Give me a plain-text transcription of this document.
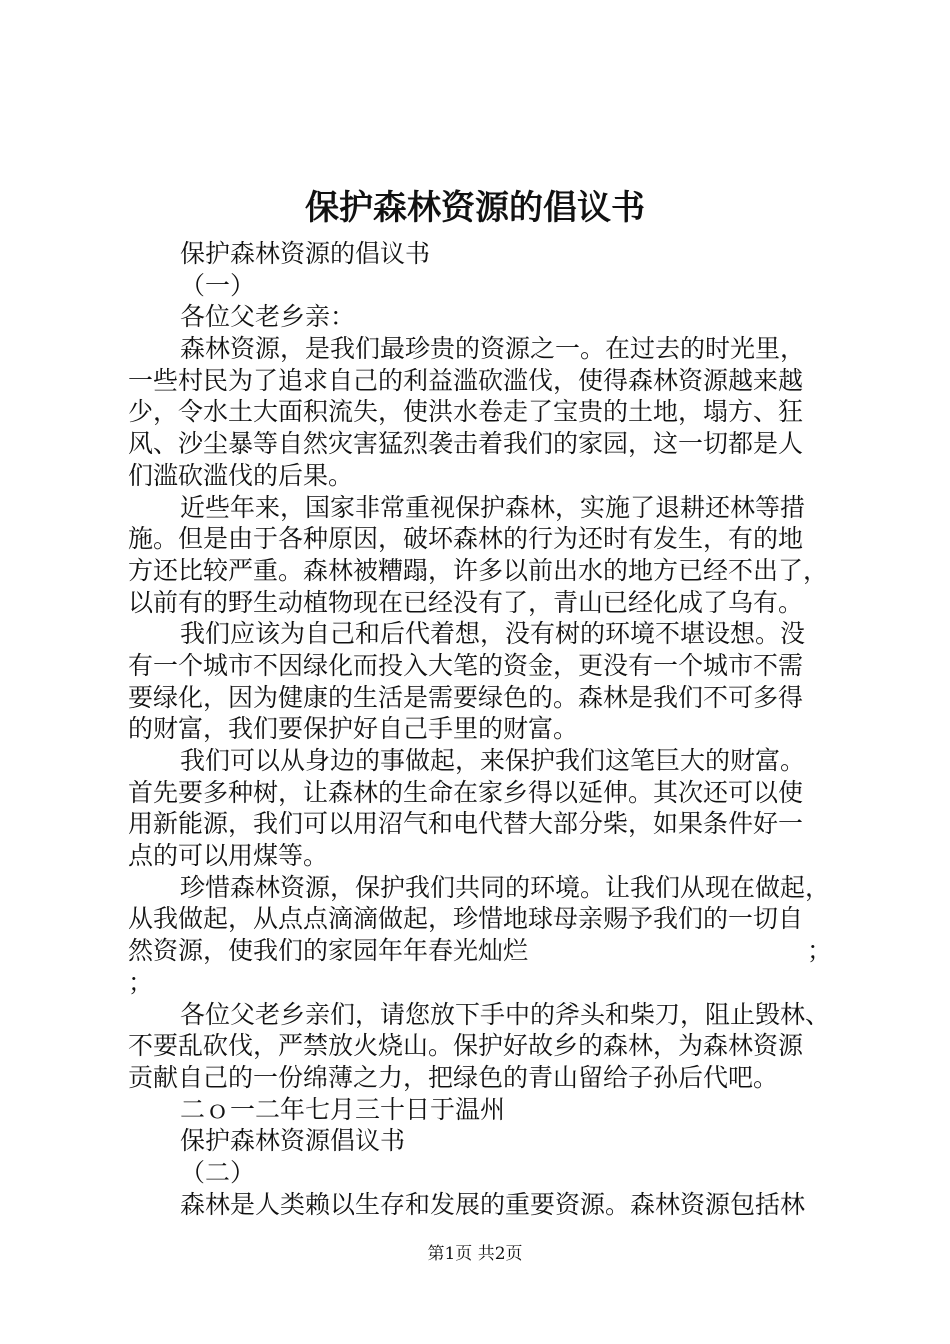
保护森林资源的倡议书
保护森林资源的倡议书
（一）
各位父老乡亲：
森林资源，是我们最珍贵的资源之一。在过去的时光里，
一些村民为了追求自己的利益滥砍滥伐，使得森林资源越来越
少，令水土大面积流失，使洪水卷走了宝贵的土地，塌方、狂
风、沙尘暴等自然灾害猛烈袭击着我们的家园，这一切都是人
们滥砍滥伐的后果。
近些年来，国家非常重视保护森林，实施了退耕还林等措
施。但是由于各种原因，破坏森林的行为还时有发生，有的地
方还比较严重。森林被糟蹋，许多以前出水的地方已经不出了，
以前有的野生动植物现在已经没有了，青山已经化成了乌有。
我们应该为自己和后代着想，没有树的环境不堪设想。没
有一个城市不因绿化而投入大笔的资金，更没有一个城市不需
要绿化，因为健康的生活是需要绿色的。森林是我们不可多得
的财富，我们要保护好自己手里的财富。
我们可以从身边的事做起，来保护我们这笔巨大的财富。
首先要多种树，让森林的生命在家乡得以延伸。其次还可以使
用新能源，我们可以用沼气和电代替大部分柴，如果条件好一
点的可以用煤等。
珍惜森林资源，保护我们共同的环境。让我们从现在做起，
从我做起，从点点滴滴做起，珍惜地球母亲赐予我们的一切自
然资源，使我们的家园年年春光灿烂	；
；
各位父老乡亲们，请您放下手中的斧头和柴刀，阻止毁林、
不要乱砍伐，严禁放火烧山。保护好故乡的森林，为森林资源
贡献自己的一份绵薄之力，把绿色的青山留给子孙后代吧。
二ｏ一二年七月三十日于温州
保护森林资源倡议书
（二）
森林是人类赖以生存和发展的重要资源。森林资源包括林
第1页 共2页
